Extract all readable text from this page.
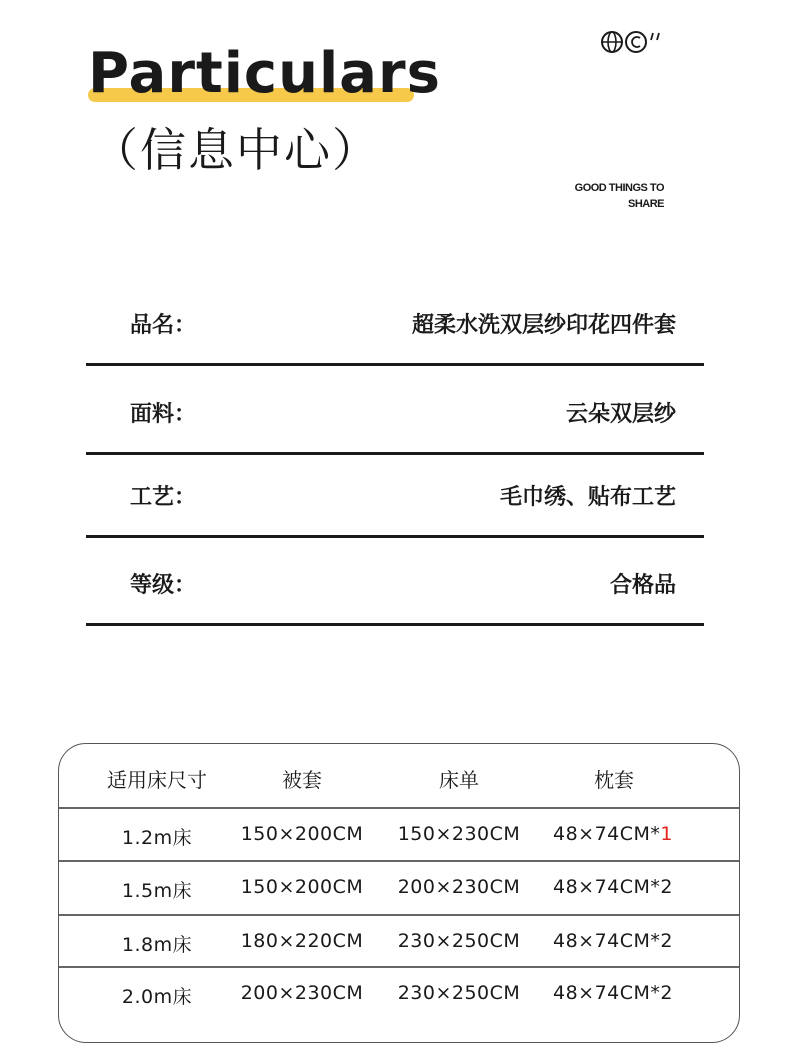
Particulars
（信息中心）
GOOD THINGS TO
SHARE
品名：	超柔水洗双层纱印花四件套
面料：	云朵双层纱
工艺：	毛巾绣、贴布工艺
等级：	合格品
适用床尺寸	被套	床单	枕套
1.2m床	150×200CM 150×230CM 48×74CM*1
1.5m床	150×200CM 200×230CM 48×74CM*2
1.8m床	180×220CM 230×250CM 48×74CM*2
2.0m床	200×230CM 230×250CM 48×74CM*2
